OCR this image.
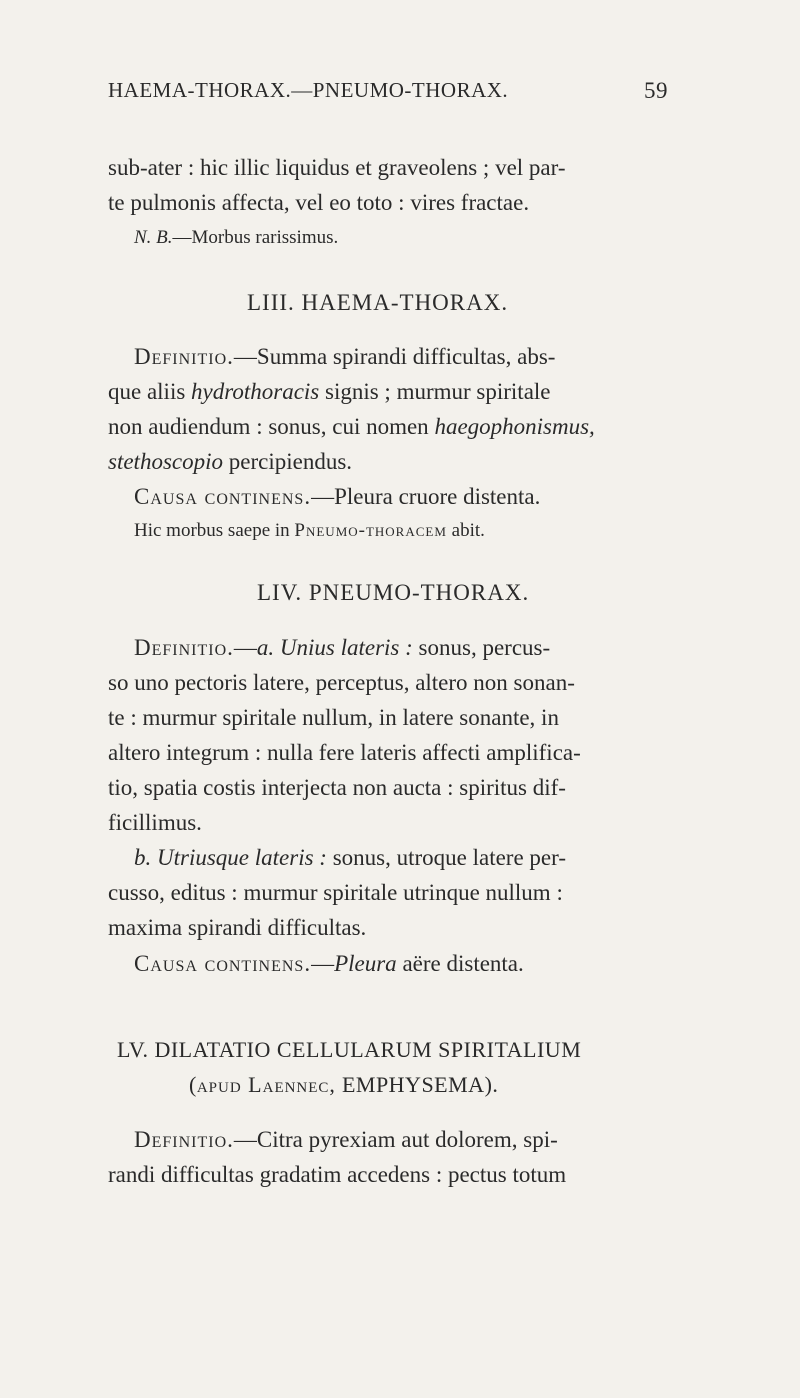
HAEMA-THORAX.—PNEUMO-THORAX.	59
sub-ater : hic illic liquidus et graveolens ; vel par-
te pulmonis affecta, vel eo toto : vires fractae.
N. B.—Morbus rarissimus.
LIII. HAEMA-THORAX.
Definitio.—Summa spirandi difficultas, abs-
que aliis hydrothoracis signis ; murmur spiritale
non audiendum : sonus, cui nomen haegophonismus,
stethoscopio percipiendus.
Causa continens.—Pleura cruore distenta.
Hic morbus saepe in Pneumo-thoracem abit.
LIV. PNEUMO-THORAX.
Definitio.—a. Unius lateris : sonus, percus-
so uno pectoris latere, perceptus, altero non sonan-
te : murmur spiritale nullum, in latere sonante, in
altero integrum : nulla fere lateris affecti amplifica-
tio, spatia costis interjecta non aucta : spiritus dif-
ficillimus.
b. Utriusque lateris : sonus, utroque latere per-
cusso, editus : murmur spiritale utrinque nullum :
maxima spirandi difficultas.
Causa continens.—Pleura aëre distenta.
LV. DILATATIO CELLULARUM SPIRITALIUM
(apud Laennec, EMPHYSEMA).
Definitio.—Citra pyrexiam aut dolorem, spi-
randi difficultas gradatim accedens : pectus totum
